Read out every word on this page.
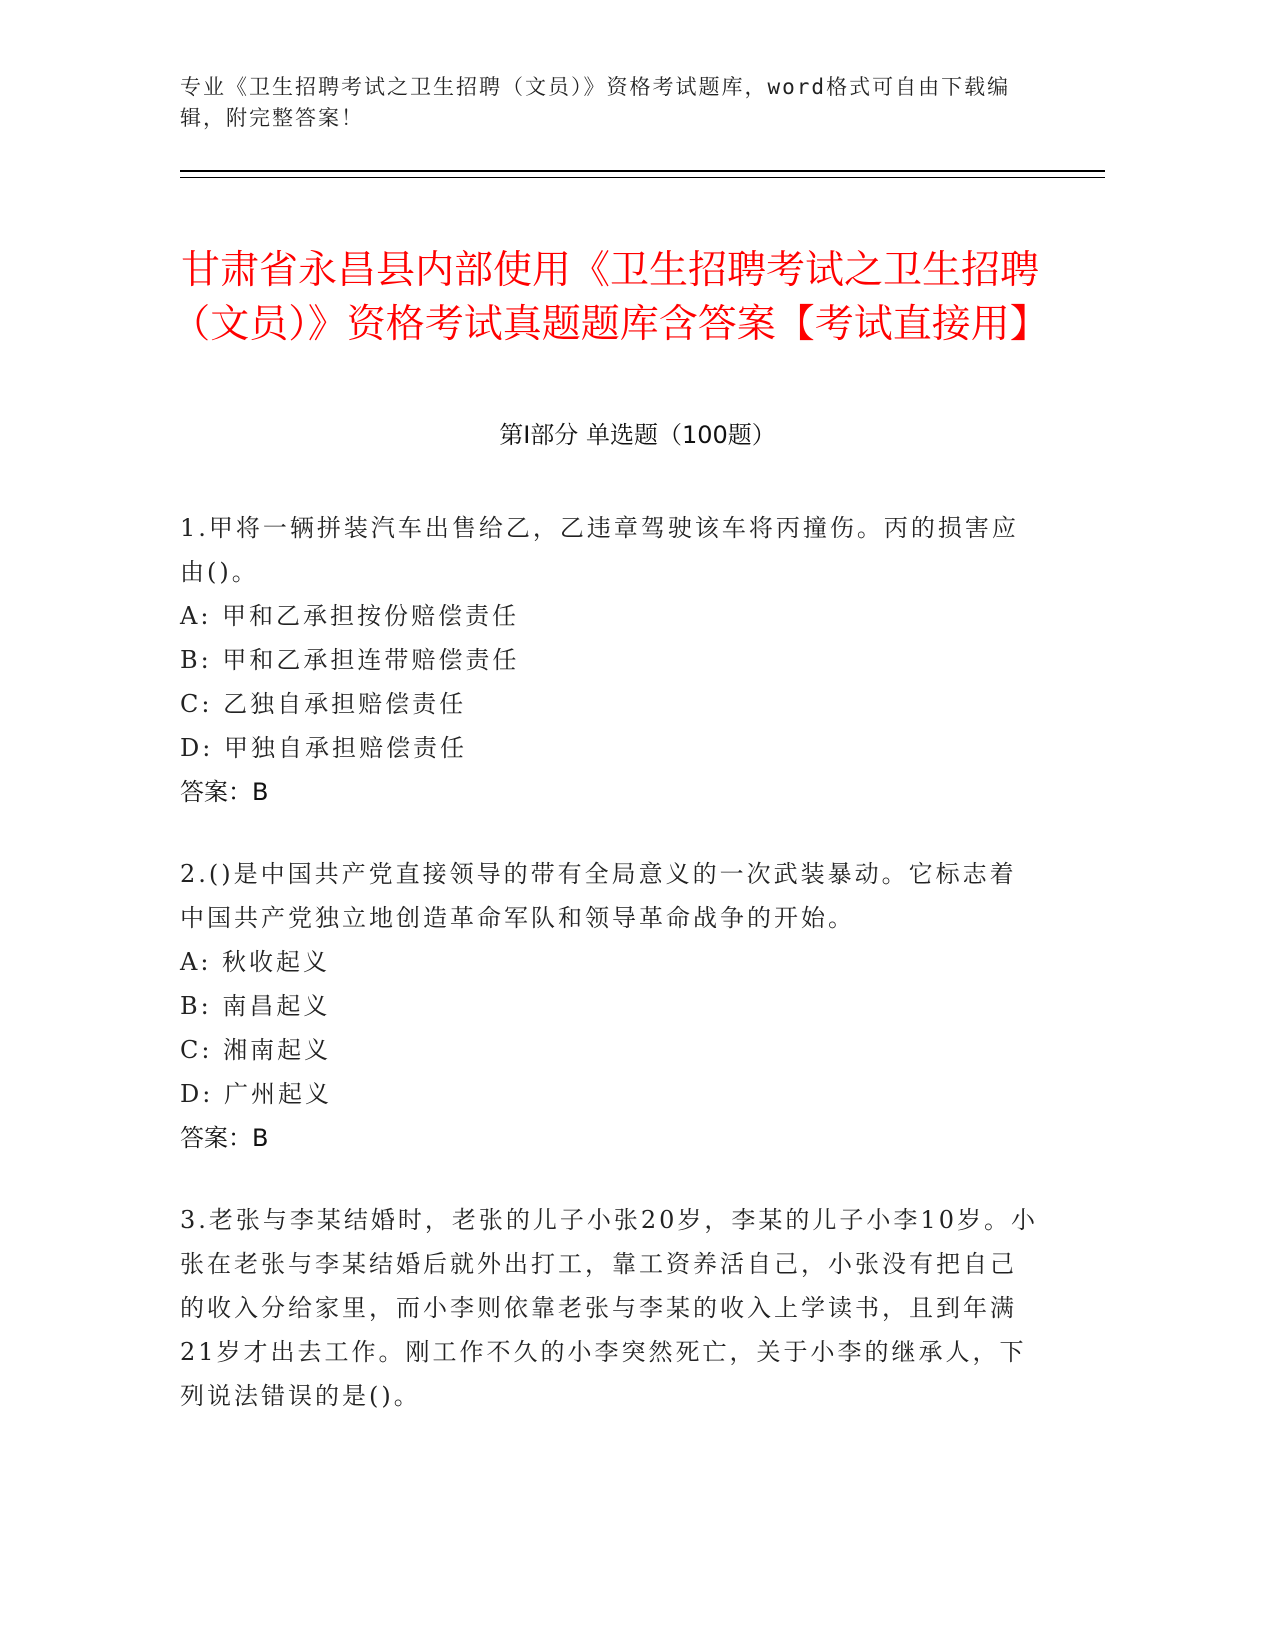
专业《卫生招聘考试之卫生招聘（文员）》资格考试题库，word格式可自由下载编辑，附完整答案！
甘肃省永昌县内部使用《卫生招聘考试之卫生招聘（文员）》资格考试真题题库含答案【考试直接用】
第I部分 单选题（100题）

1.甲将一辆拼装汽车出售给乙，乙违章驾驶该车将丙撞伤。丙的损害应由()。

A: 甲和乙承担按份赔偿责任

B: 甲和乙承担连带赔偿责任

C: 乙独自承担赔偿责任

D: 甲独自承担赔偿责任

答案：B

2.()是中国共产党直接领导的带有全局意义的一次武装暴动。它标志着中国共产党独立地创造革命军队和领导革命战争的开始。

A: 秋收起义

B: 南昌起义

C: 湘南起义

D: 广州起义

答案：B

3.老张与李某结婚时，老张的儿子小张20岁，李某的儿子小李10岁。小张在老张与李某结婚后就外出打工，靠工资养活自己，小张没有把自己的收入分给家里，而小李则依靠老张与李某的收入上学读书，且到年满21岁才出去工作。刚工作不久的小李突然死亡，关于小李的继承人，下列说法错误的是()。
